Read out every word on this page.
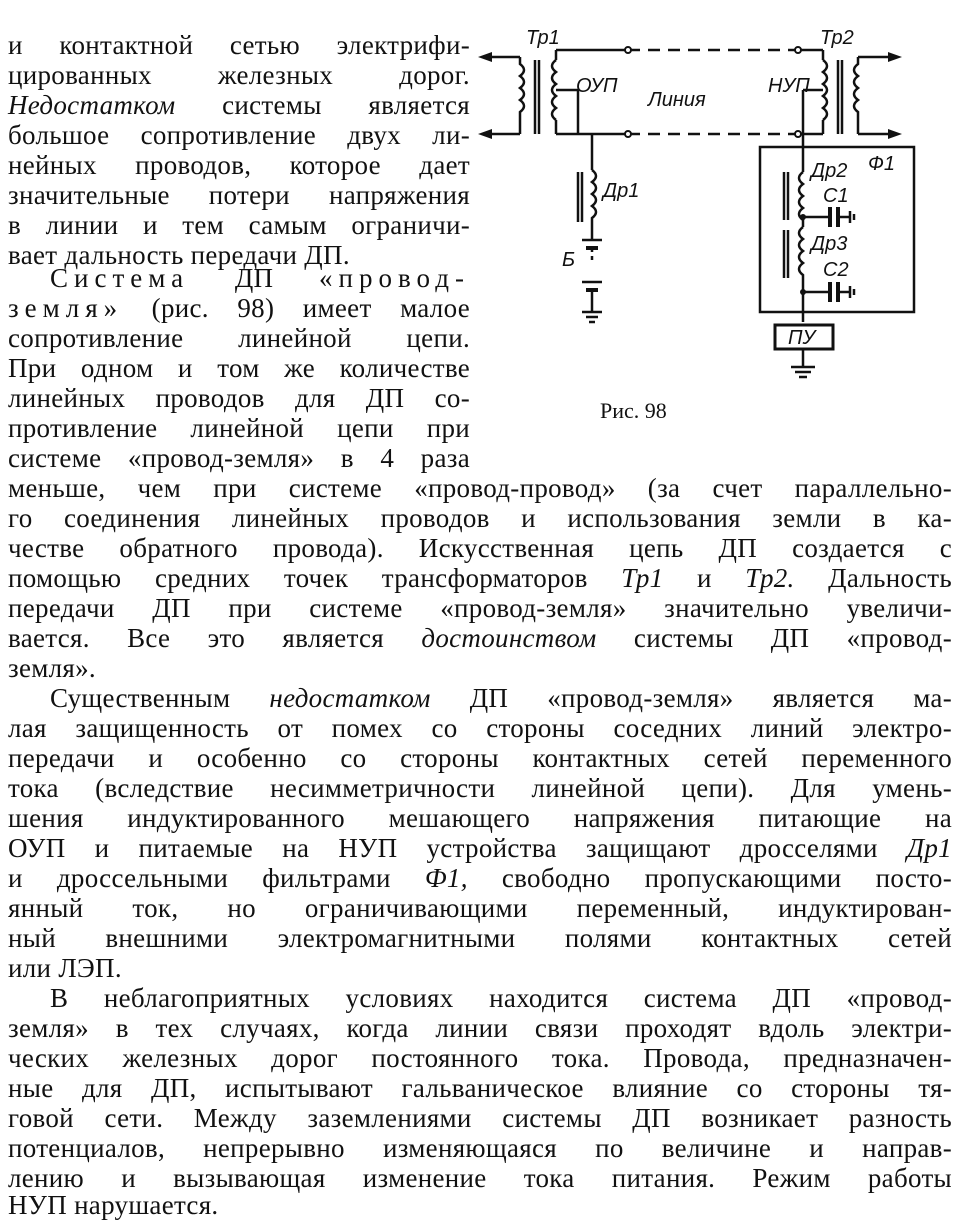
и контактной сетью электрифи-
цированных железных дорог.
Недостатком системы является
большое сопротивление двух ли-
нейных проводов, которое дает
значительные потери напряжения
в линии и тем самым ограничи-
вает дальность передачи ДП.
Система ДП «провод-
земля» (рис. 98) имеет малое
сопротивление линейной цепи.
При одном и том же количестве
линейных проводов для ДП со-
противление линейной цепи при
системе «провод-земля» в 4 раза
Тр1	Тр2
ОУП	НУП
Линия
Др1
Б
Ф1
Др2
С1
Др3
С2
ПУ
Рис. 98
меньше, чем при системе «провод-провод» (за счет параллельно-
го соединения линейных проводов и использования земли в ка-
честве обратного провода). Искусственная цепь ДП создается с
помощью средних точек трансформаторов Тр1 и Тр2. Дальность
передачи ДП при системе «провод-земля» значительно увеличи-
вается. Все это является достоинством системы ДП «провод-
земля».
Существенным недостатком ДП «провод-земля» является ма-
лая защищенность от помех со стороны соседних линий электро-
передачи и особенно со стороны контактных сетей переменного
тока (вследствие несимметричности линейной цепи). Для умень-
шения индуктированного мешающего напряжения питающие на
ОУП и питаемые на НУП устройства защищают дросселями Др1
и дроссельными фильтрами Ф1, свободно пропускающими посто-
янный ток, но ограничивающими переменный, индуктирован-
ный внешними электромагнитными полями контактных сетей
или ЛЭП.
В неблагоприятных условиях находится система ДП «провод-
земля» в тех случаях, когда линии связи проходят вдоль электри-
ческих железных дорог постоянного тока. Провода, предназначен-
ные для ДП, испытывают гальваническое влияние со стороны тя-
говой сети. Между заземлениями системы ДП возникает разность
потенциалов, непрерывно изменяющаяся по величине и направ-
лению и вызывающая изменение тока питания. Режим работы
НУП нарушается.
